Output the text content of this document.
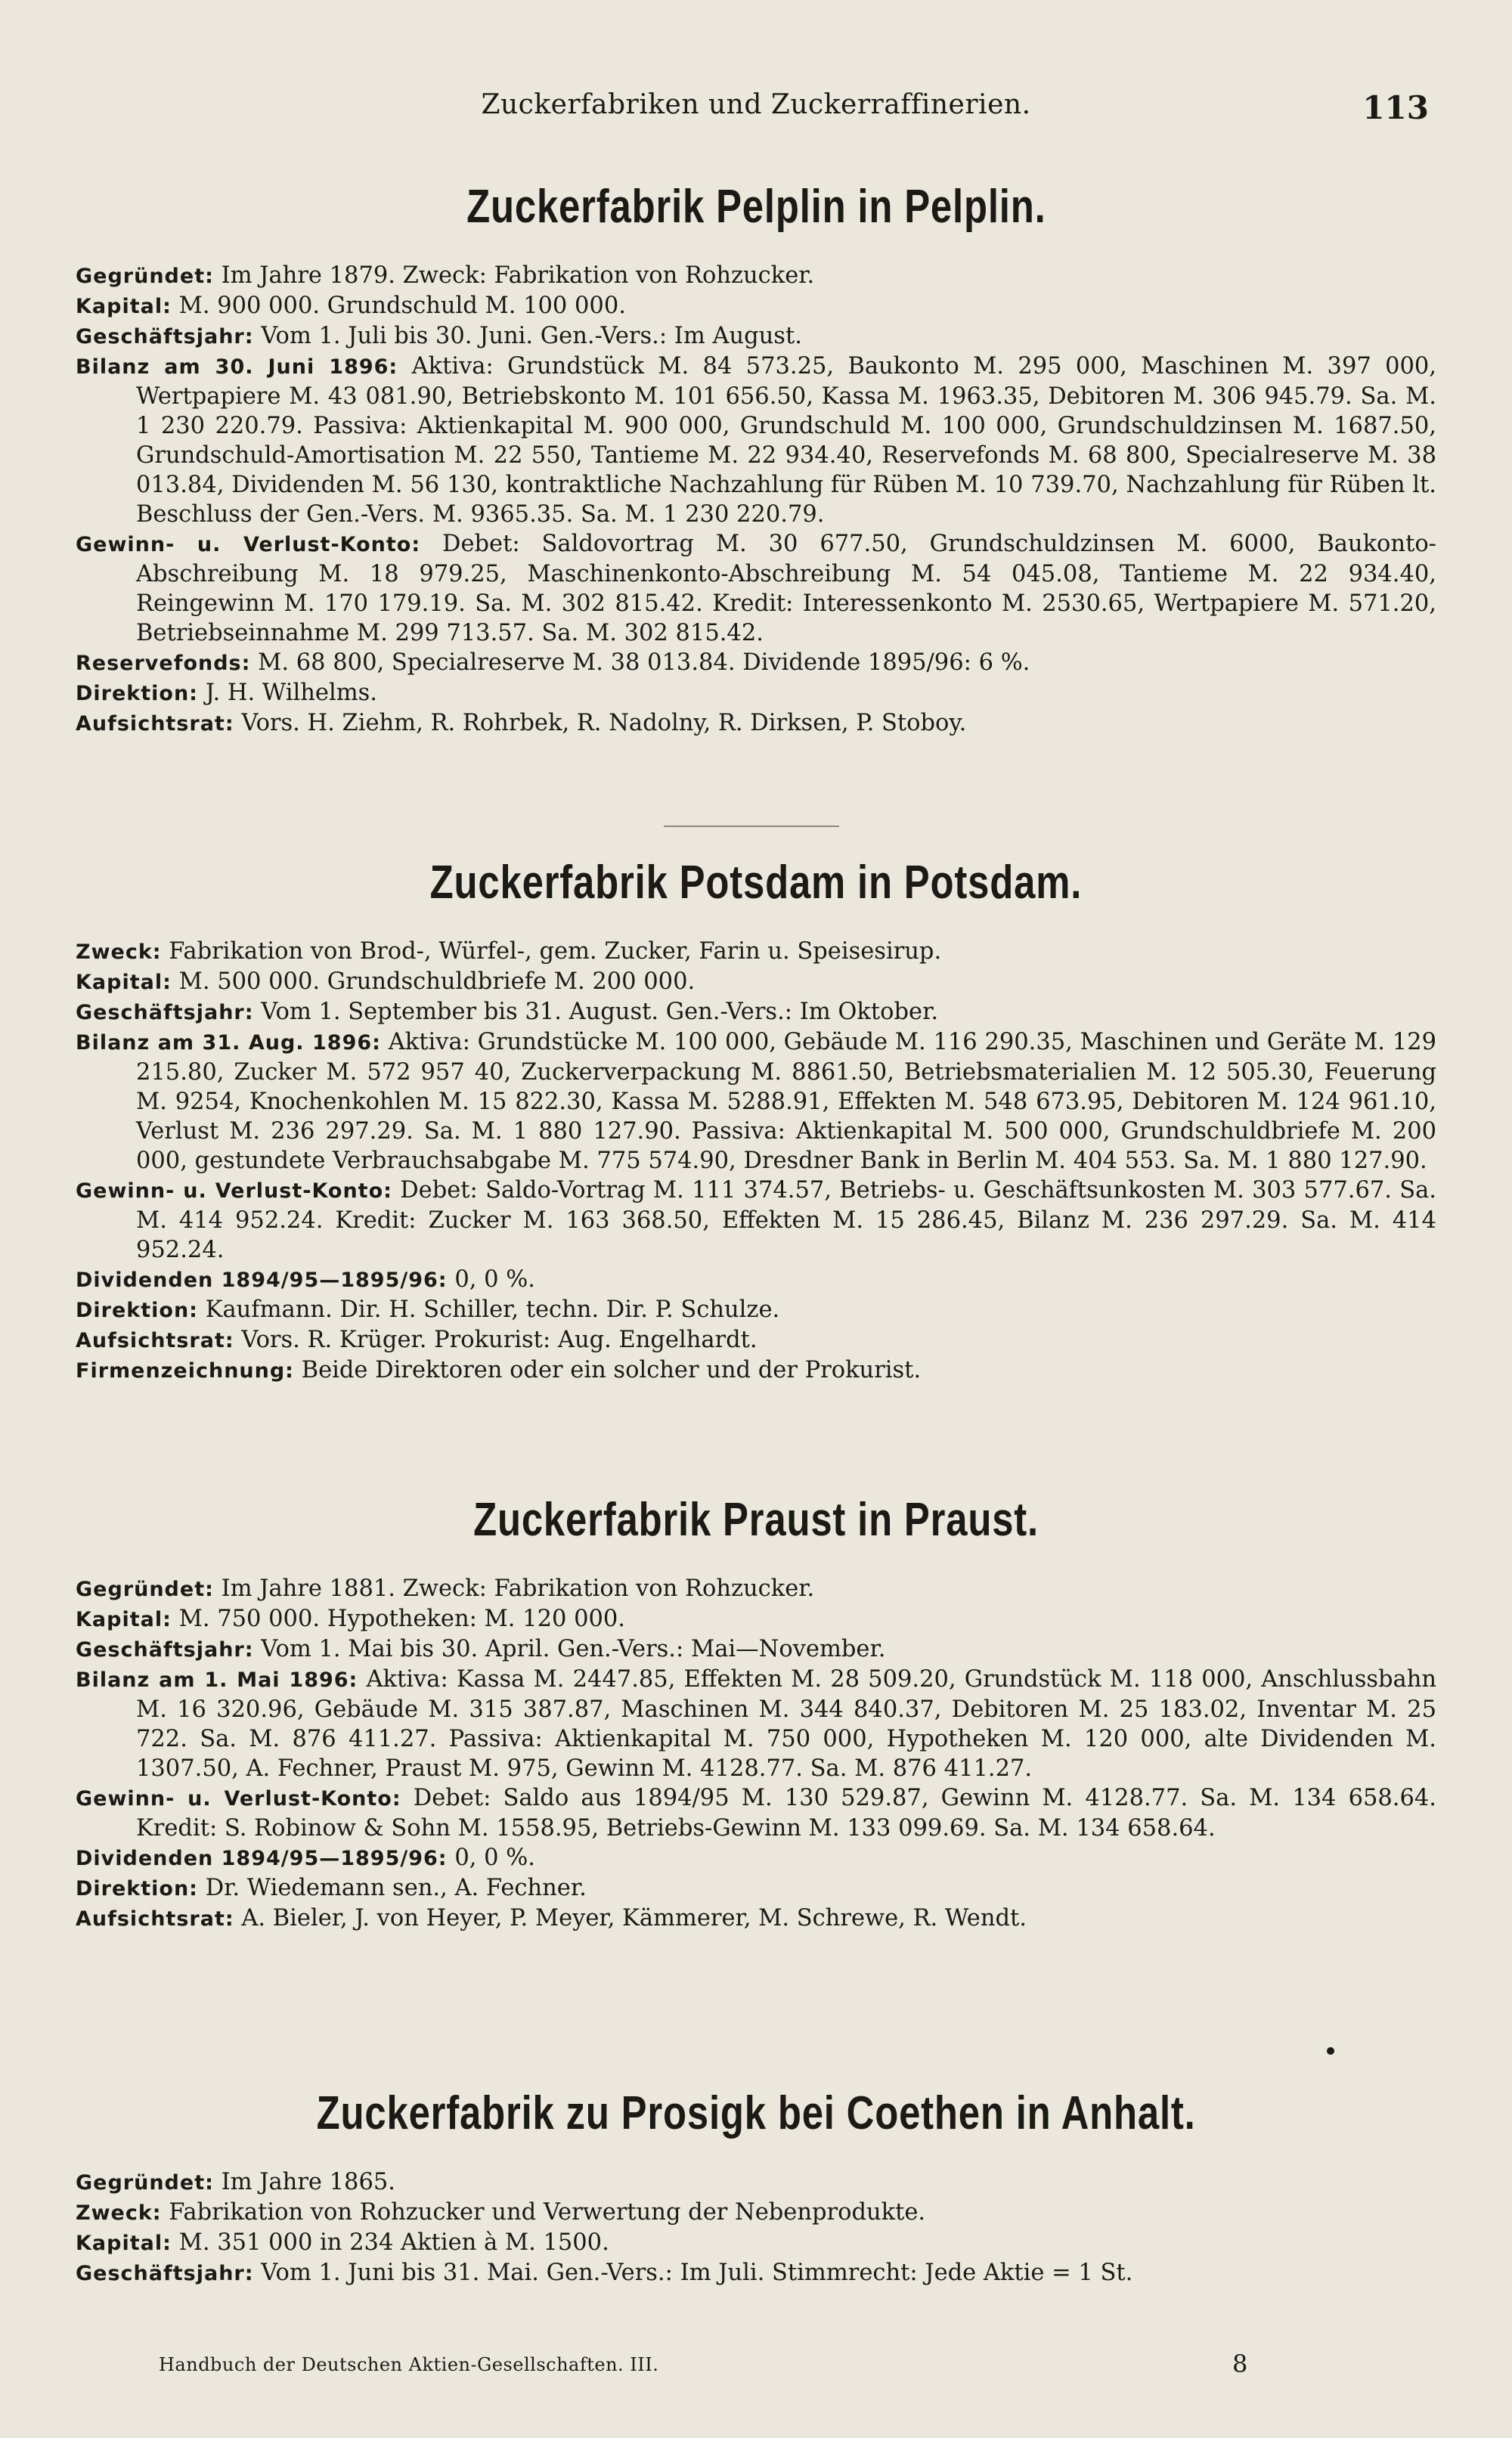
Zuckerfabriken und Zuckerraffinerien.	113
Zuckerfabrik Pelplin in Pelplin.

Gegründet: Im Jahre 1879. Zweck: Fabrikation von Rohzucker.

Kapital: M. 900 000. Grundschuld M. 100 000.

Geschäftsjahr: Vom 1. Juli bis 30. Juni. Gen.-Vers.: Im August.

Bilanz am 30. Juni 1896: Aktiva: Grundstück M. 84 573.25, Baukonto M. 295 000, Maschinen M. 397 000, Wertpapiere M. 43 081.90, Betriebskonto M. 101 656.50, Kassa M. 1963.35, Debitoren M. 306 945.79. Sa. M. 1 230 220.79. Passiva: Aktienkapital M. 900 000, Grundschuld M. 100 000, Grundschuldzinsen M. 1687.50, Grundschuld-Amortisation M. 22 550, Tantieme M. 22 934.40, Reservefonds M. 68 800, Specialreserve M. 38 013.84, Dividenden M. 56 130, kontraktliche Nachzahlung für Rüben M. 10 739.70, Nachzahlung für Rüben lt. Beschluss der Gen.-Vers. M. 9365.35. Sa. M. 1 230 220.79.

Gewinn- u. Verlust-Konto: Debet: Saldovortrag M. 30 677.50, Grundschuldzinsen M. 6000, Baukonto-Abschreibung M. 18 979.25, Maschinenkonto-Abschreibung M. 54 045.08, Tantieme M. 22 934.40, Reingewinn M. 170 179.19. Sa. M. 302 815.42. Kredit: Interessenkonto M. 2530.65, Wertpapiere M. 571.20, Betriebseinnahme M. 299 713.57. Sa. M. 302 815.42.

Reservefonds: M. 68 800, Specialreserve M. 38 013.84. Dividende 1895/96: 6 %.

Direktion: J. H. Wilhelms.

Aufsichtsrat: Vors. H. Ziehm, R. Rohrbek, R. Nadolny, R. Dirksen, P. Stoboy.

Zuckerfabrik Potsdam in Potsdam.

Zweck: Fabrikation von Brod-, Würfel-, gem. Zucker, Farin u. Speisesirup.

Kapital: M. 500 000. Grundschuldbriefe M. 200 000.

Geschäftsjahr: Vom 1. September bis 31. August. Gen.-Vers.: Im Oktober.

Bilanz am 31. Aug. 1896: Aktiva: Grundstücke M. 100 000, Gebäude M. 116 290.35, Maschinen und Geräte M. 129 215.80, Zucker M. 572 957 40, Zuckerverpackung M. 8861.50, Betriebsmaterialien M. 12 505.30, Feuerung M. 9254, Knochenkohlen M. 15 822.30, Kassa M. 5288.91, Effekten M. 548 673.95, Debitoren M. 124 961.10, Verlust M. 236 297.29. Sa. M. 1 880 127.90. Passiva: Aktienkapital M. 500 000, Grundschuldbriefe M. 200 000, gestundete Verbrauchsabgabe M. 775 574.90, Dresdner Bank in Berlin M. 404 553. Sa. M. 1 880 127.90.

Gewinn- u. Verlust-Konto: Debet: Saldo-Vortrag M. 111 374.57, Betriebs- u. Geschäftsunkosten M. 303 577.67. Sa. M. 414 952.24. Kredit: Zucker M. 163 368.50, Effekten M. 15 286.45, Bilanz M. 236 297.29. Sa. M. 414 952.24.

Dividenden 1894/95—1895/96: 0, 0 %.

Direktion: Kaufmann. Dir. H. Schiller, techn. Dir. P. Schulze.

Aufsichtsrat: Vors. R. Krüger. Prokurist: Aug. Engelhardt.

Firmenzeichnung: Beide Direktoren oder ein solcher und der Prokurist.

Zuckerfabrik Praust in Praust.

Gegründet: Im Jahre 1881. Zweck: Fabrikation von Rohzucker.

Kapital: M. 750 000. Hypotheken: M. 120 000.

Geschäftsjahr: Vom 1. Mai bis 30. April. Gen.-Vers.: Mai—November.

Bilanz am 1. Mai 1896: Aktiva: Kassa M. 2447.85, Effekten M. 28 509.20, Grundstück M. 118 000, Anschlussbahn M. 16 320.96, Gebäude M. 315 387.87, Maschinen M. 344 840.37, Debitoren M. 25 183.02, Inventar M. 25 722. Sa. M. 876 411.27. Passiva: Aktienkapital M. 750 000, Hypotheken M. 120 000, alte Dividenden M. 1307.50, A. Fechner, Praust M. 975, Gewinn M. 4128.77. Sa. M. 876 411.27.

Gewinn- u. Verlust-Konto: Debet: Saldo aus 1894/95 M. 130 529.87, Gewinn M. 4128.77. Sa. M. 134 658.64. Kredit: S. Robinow & Sohn M. 1558.95, Betriebs-Gewinn M. 133 099.69. Sa. M. 134 658.64.

Dividenden 1894/95—1895/96: 0, 0 %.

Direktion: Dr. Wiedemann sen., A. Fechner.

Aufsichtsrat: A. Bieler, J. von Heyer, P. Meyer, Kämmerer, M. Schrewe, R. Wendt.

Zuckerfabrik zu Prosigk bei Coethen in Anhalt.

Gegründet: Im Jahre 1865.

Zweck: Fabrikation von Rohzucker und Verwertung der Nebenprodukte.

Kapital: M. 351 000 in 234 Aktien à M. 1500.

Geschäftsjahr: Vom 1. Juni bis 31. Mai. Gen.-Vers.: Im Juli. Stimmrecht: Jede Aktie = 1 St.

Handbuch der Deutschen Aktien-Gesellschaften. III.	8
